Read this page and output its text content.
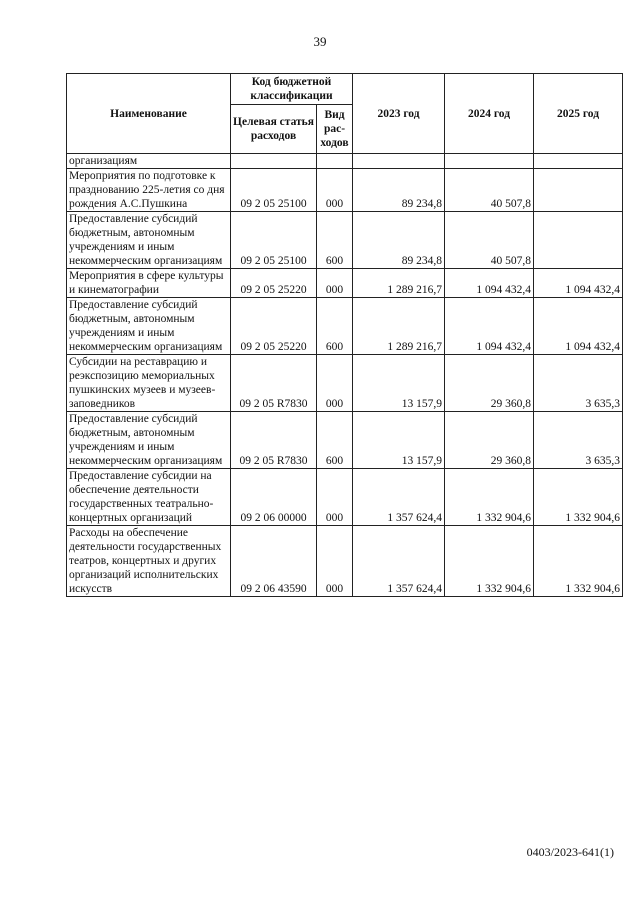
39
Наименование	Код бюджетной классификации		2023 год	2024 год	2025 год
	Целевая статья расходов	Вид рас-ходов			
организациям					
Мероприятия по подготовке к празднованию 225-летия со дня рождения А.С.Пушкина	09 2 05 25100	000	89 234,8	40 507,8	
Предоставление субсидий бюджетным, автономным учреждениям и иным некоммерческим организациям	09 2 05 25100	600	89 234,8	40 507,8	
Мероприятия в сфере культуры и кинематографии	09 2 05 25220	000	1 289 216,7	1 094 432,4	1 094 432,4
Предоставление субсидий бюджетным, автономным учреждениям и иным некоммерческим организациям	09 2 05 25220	600	1 289 216,7	1 094 432,4	1 094 432,4
Субсидии на реставрацию и реэкспозицию мемориальных пушкинских музеев и музеев-заповедников	09 2 05 R7830	000	13 157,9	29 360,8	3 635,3
Предоставление субсидий бюджетным, автономным учреждениям и иным некоммерческим организациям	09 2 05 R7830	600	13 157,9	29 360,8	3 635,3
Предоставление субсидии на обеспечение деятельности государственных театрально-концертных организаций	09 2 06 00000	000	1 357 624,4	1 332 904,6	1 332 904,6
Расходы на обеспечение деятельности государственных театров, концертных и других организаций исполнительских искусств	09 2 06 43590	000	1 357 624,4	1 332 904,6	1 332 904,6
0403/2023-641(1)
